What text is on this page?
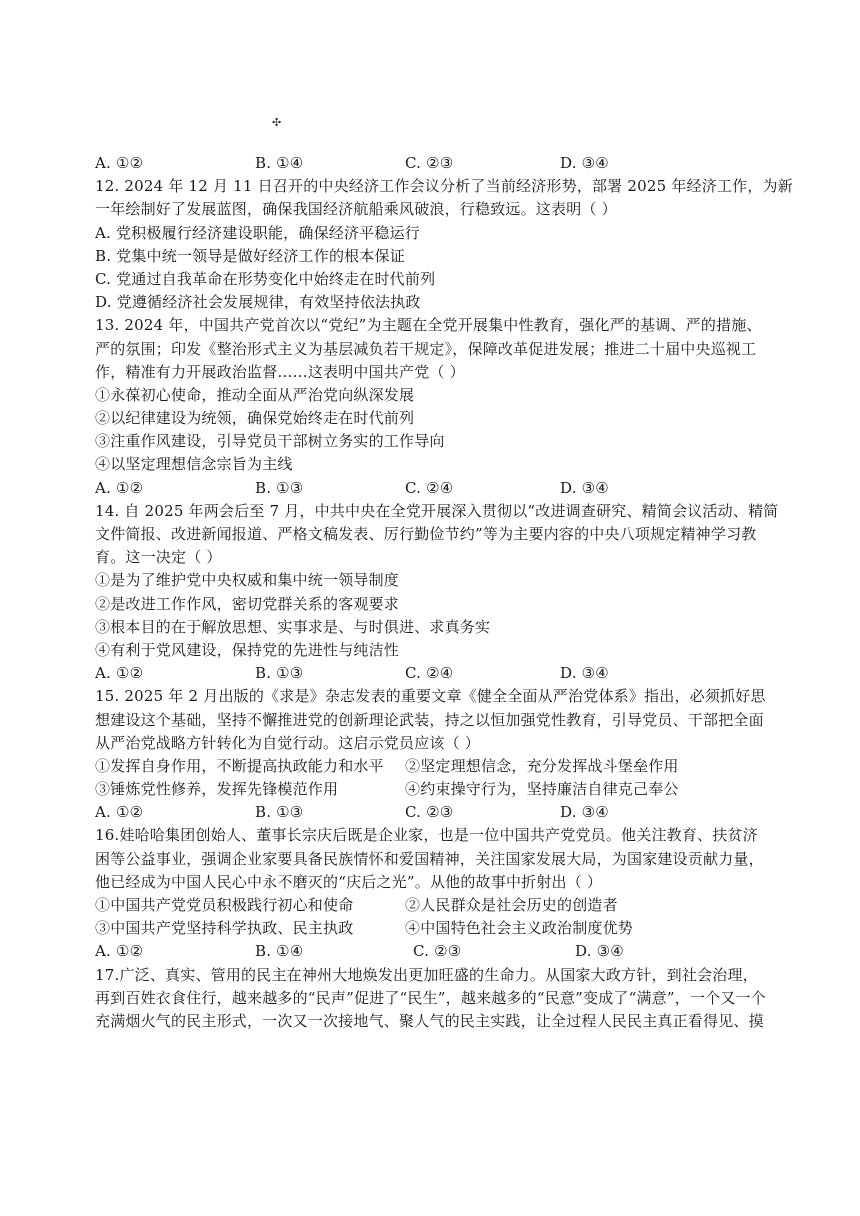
✣
A. ①②	B. ①④	C. ②③	D. ③④
12. 2024 年 12 月 11 日召开的中央经济工作会议分析了当前经济形势，部署 2025 年经济工作，为新
一年绘制好了发展蓝图，确保我国经济航船乘风破浪，行稳致远。这表明（ ）
A. 党积极履行经济建设职能，确保经济平稳运行
B. 党集中统一领导是做好经济工作的根本保证
C. 党通过自我革命在形势变化中始终走在时代前列
D. 党遵循经济社会发展规律，有效坚持依法执政
13. 2024 年，中国共产党首次以“党纪”为主题在全党开展集中性教育，强化严的基调、严的措施、
严的氛围；印发《整治形式主义为基层减负若干规定》，保障改革促进发展；推进二十届中央巡视工
作，精准有力开展政治监督……这表明中国共产党（ ）
①永葆初心使命，推动全面从严治党向纵深发展
②以纪律建设为统领，确保党始终走在时代前列
③注重作风建设，引导党员干部树立务实的工作导向
④以坚定理想信念宗旨为主线
A. ①②	B. ①③	C. ②④	D. ③④
14. 自 2025 年两会后至 7 月，中共中央在全党开展深入贯彻以“改进调查研究、精简会议活动、精简
文件简报、改进新闻报道、严格文稿发表、厉行勤俭节约”等为主要内容的中央八项规定精神学习教
育。这一决定（ ）
①是为了维护党中央权威和集中统一领导制度
②是改进工作作风，密切党群关系的客观要求
③根本目的在于解放思想、实事求是、与时俱进、求真务实
④有利于党风建设，保持党的先进性与纯洁性
A. ①②	B. ①③	C. ②④	D. ③④
15. 2025 年 2 月出版的《求是》杂志发表的重要文章《健全全面从严治党体系》指出，必须抓好思
想建设这个基础，坚持不懈推进党的创新理论武装，持之以恒加强党性教育，引导党员、干部把全面
从严治党战略方针转化为自觉行动。这启示党员应该（ ）
①发挥自身作用，不断提高执政能力和水平	②坚定理想信念，充分发挥战斗堡垒作用
③锤炼党性修养，发挥先锋模范作用	④约束操守行为，坚持廉洁自律克己奉公
A. ①②	B. ①③	C. ②③	D. ③④
16.娃哈哈集团创始人、董事长宗庆后既是企业家，也是一位中国共产党党员。他关注教育、扶贫济
困等公益事业，强调企业家要具备民族情怀和爱国精神，关注国家发展大局，为国家建设贡献力量，
他已经成为中国人民心中永不磨灭的“庆后之光”。从他的故事中折射出（ ）
①中国共产党党员积极践行初心和使命	②人民群众是社会历史的创造者
③中国共产党坚持科学执政、民主执政	④中国特色社会主义政治制度优势
A. ①②	B. ①④	C. ②③	D. ③④
17.广泛、真实、管用的民主在神州大地焕发出更加旺盛的生命力。从国家大政方针，到社会治理，
再到百姓衣食住行，越来越多的“民声”促进了“民生”，越来越多的“民意”变成了“满意”，一个又一个
充满烟火气的民主形式，一次又一次接地气、聚人气的民主实践，让全过程人民民主真正看得见、摸
